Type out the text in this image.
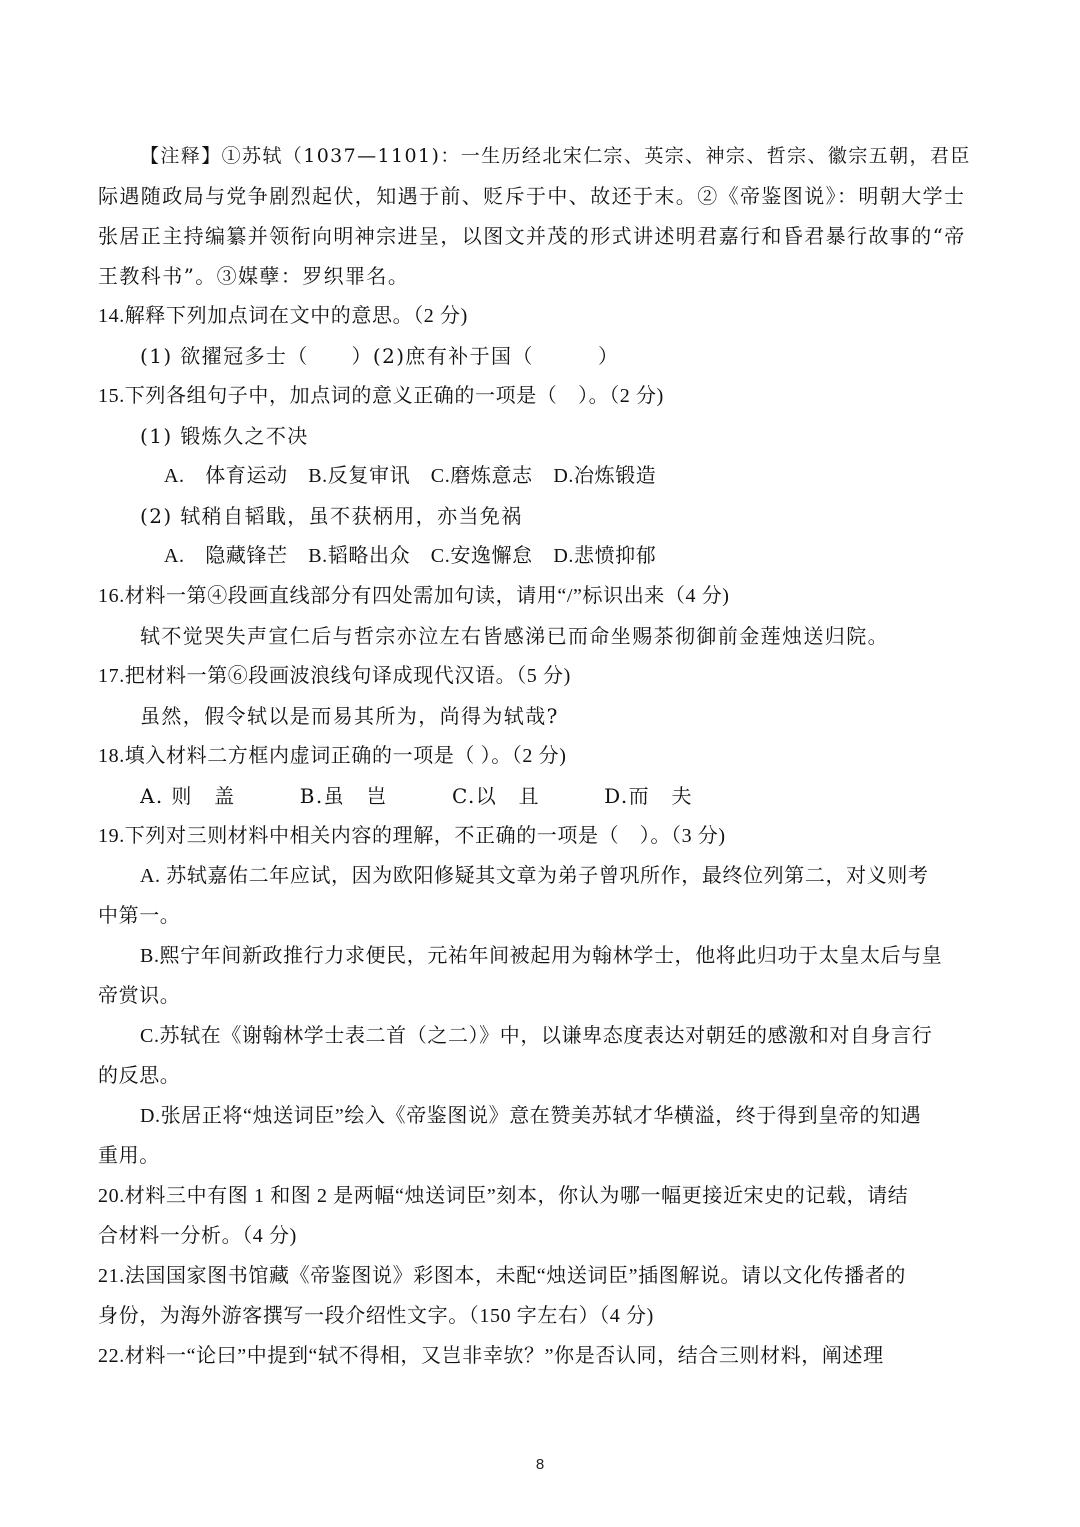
【注释】①苏轼（1037—1101)：一生历经北宋仁宗、英宗、神宗、哲宗、徽宗五朝，君臣
际遇随政局与党争剧烈起伏，知遇于前、贬斥于中、故还于末。②《帝鉴图说》：明朝大学士
张居正主持编纂并领衔向明神宗进呈，以图文并茂的形式讲述明君嘉行和昏君暴行故事的“帝
王教科书”。③媒孽：罗织罪名。
14.解释下列加点词在文中的意思。（2 分)
(1) 欲擢冠多士（　　）(2)庶有补于国（　　　）
15.下列各组句子中，加点词的意义正确的一项是（　）。（2 分)
(1) 锻炼久之不决
A.　体育运动　B.反复审讯　C.磨炼意志　D.冶炼锻造
(2) 轼稍自韬戢，虽不获柄用，亦当免祸
A.　隐藏锋芒　B.韬略出众　C.安逸懈怠　D.悲愤抑郁
16.材料一第④段画直线部分有四处需加句读，请用“/”标识出来（4 分)
轼不觉哭失声宣仁后与哲宗亦泣左右皆感涕已而命坐赐茶彻御前金莲烛送归院。
17.把材料一第⑥段画波浪线句译成现代汉语。（5 分)
虽然，假令轼以是而易其所为，尚得为轼哉?
18.填入材料二方框内虚词正确的一项是（ ）。（2 分)
A. 则　盖　　　B.虽　岂　　　C.以　且　　　D.而　夫
19.下列对三则材料中相关内容的理解，不正确的一项是（　）。（3 分)
A. 苏轼嘉佑二年应试，因为欧阳修疑其文章为弟子曾巩所作，最终位列第二，对义则考
中第一。
B.熙宁年间新政推行力求便民，元祐年间被起用为翰林学士，他将此归功于太皇太后与皇
帝赏识。
C.苏轼在《谢翰林学士表二首（之二）》中，以谦卑态度表达对朝廷的感激和对自身言行
的反思。
D.张居正将“烛送词臣”绘入《帝鉴图说》意在赞美苏轼才华横溢，终于得到皇帝的知遇
重用。
20.材料三中有图 1 和图 2 是两幅“烛送词臣”刻本，你认为哪一幅更接近宋史的记载，请结
合材料一分析。（4 分)
21.法国国家图书馆藏《帝鉴图说》彩图本，未配“烛送词臣”插图解说。请以文化传播者的
身份，为海外游客撰写一段介绍性文字。（150 字左右）（4 分)
22.材料一“论曰”中提到“轼不得相，又岂非幸欤？”你是否认同，结合三则材料，阐述理
8
